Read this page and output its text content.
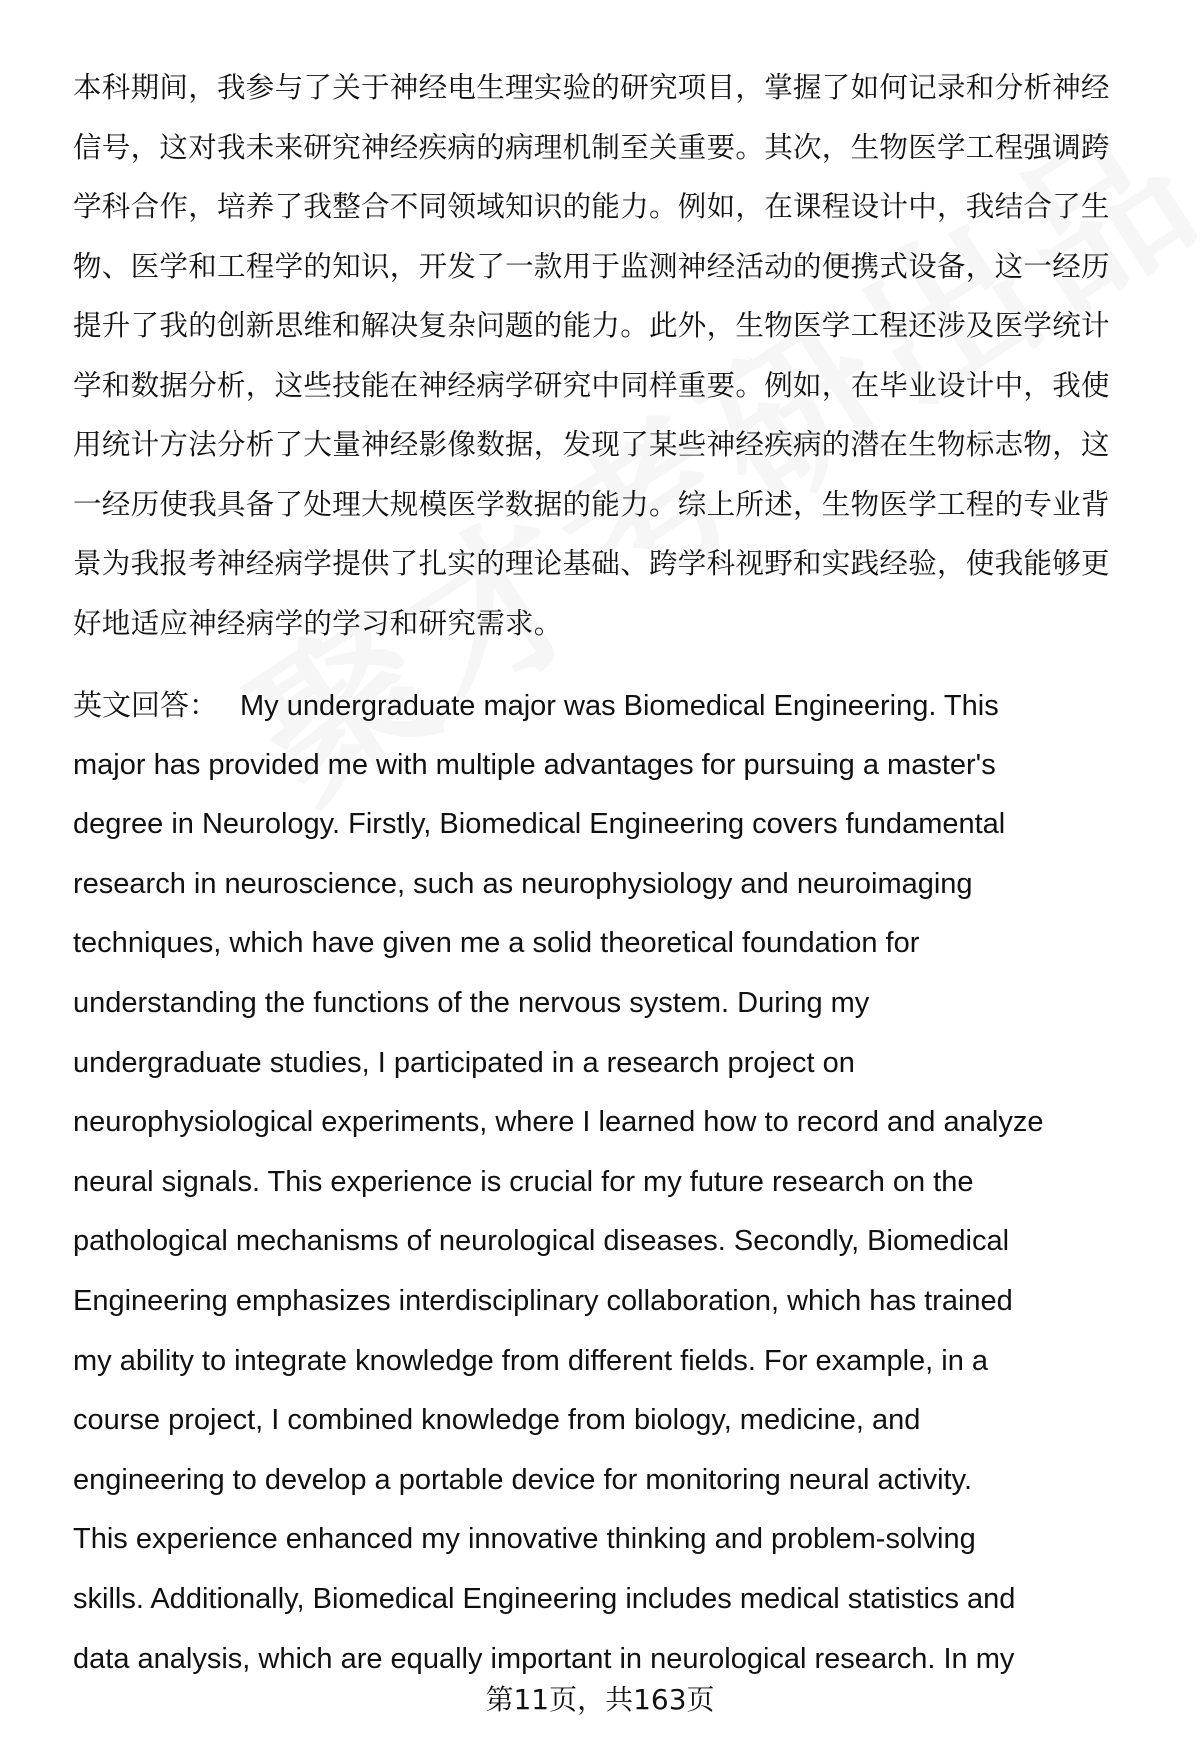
本科期间，我参与了关于神经电生理实验的研究项目，掌握了如何记录和分析神经
信号，这对我未来研究神经疾病的病理机制至关重要。其次，生物医学工程强调跨
学科合作，培养了我整合不同领域知识的能力。例如，在课程设计中，我结合了生
物、医学和工程学的知识，开发了一款用于监测神经活动的便携式设备，这一经历
提升了我的创新思维和解决复杂问题的能力。此外，生物医学工程还涉及医学统计
学和数据分析，这些技能在神经病学研究中同样重要。例如，在毕业设计中，我使
用统计方法分析了大量神经影像数据，发现了某些神经疾病的潜在生物标志物，这
一经历使我具备了处理大规模医学数据的能力。综上所述，生物医学工程的专业背
景为我报考神经病学提供了扎实的理论基础、跨学科视野和实践经验，使我能够更
好地适应神经病学的学习和研究需求。
英文回答： My undergraduate major was Biomedical Engineering. This
major has provided me with multiple advantages for pursuing a master's
degree in Neurology. Firstly, Biomedical Engineering covers fundamental
research in neuroscience, such as neurophysiology and neuroimaging
techniques, which have given me a solid theoretical foundation for
understanding the functions of the nervous system. During my
undergraduate studies, I participated in a research project on
neurophysiological experiments, where I learned how to record and analyze
neural signals. This experience is crucial for my future research on the
pathological mechanisms of neurological diseases. Secondly, Biomedical
Engineering emphasizes interdisciplinary collaboration, which has trained
my ability to integrate knowledge from different fields. For example, in a
course project, I combined knowledge from biology, medicine, and
engineering to develop a portable device for monitoring neural activity.
This experience enhanced my innovative thinking and problem-solving
skills. Additionally, Biomedical Engineering includes medical statistics and
data analysis, which are equally important in neurological research. In my
第11页，共163页
